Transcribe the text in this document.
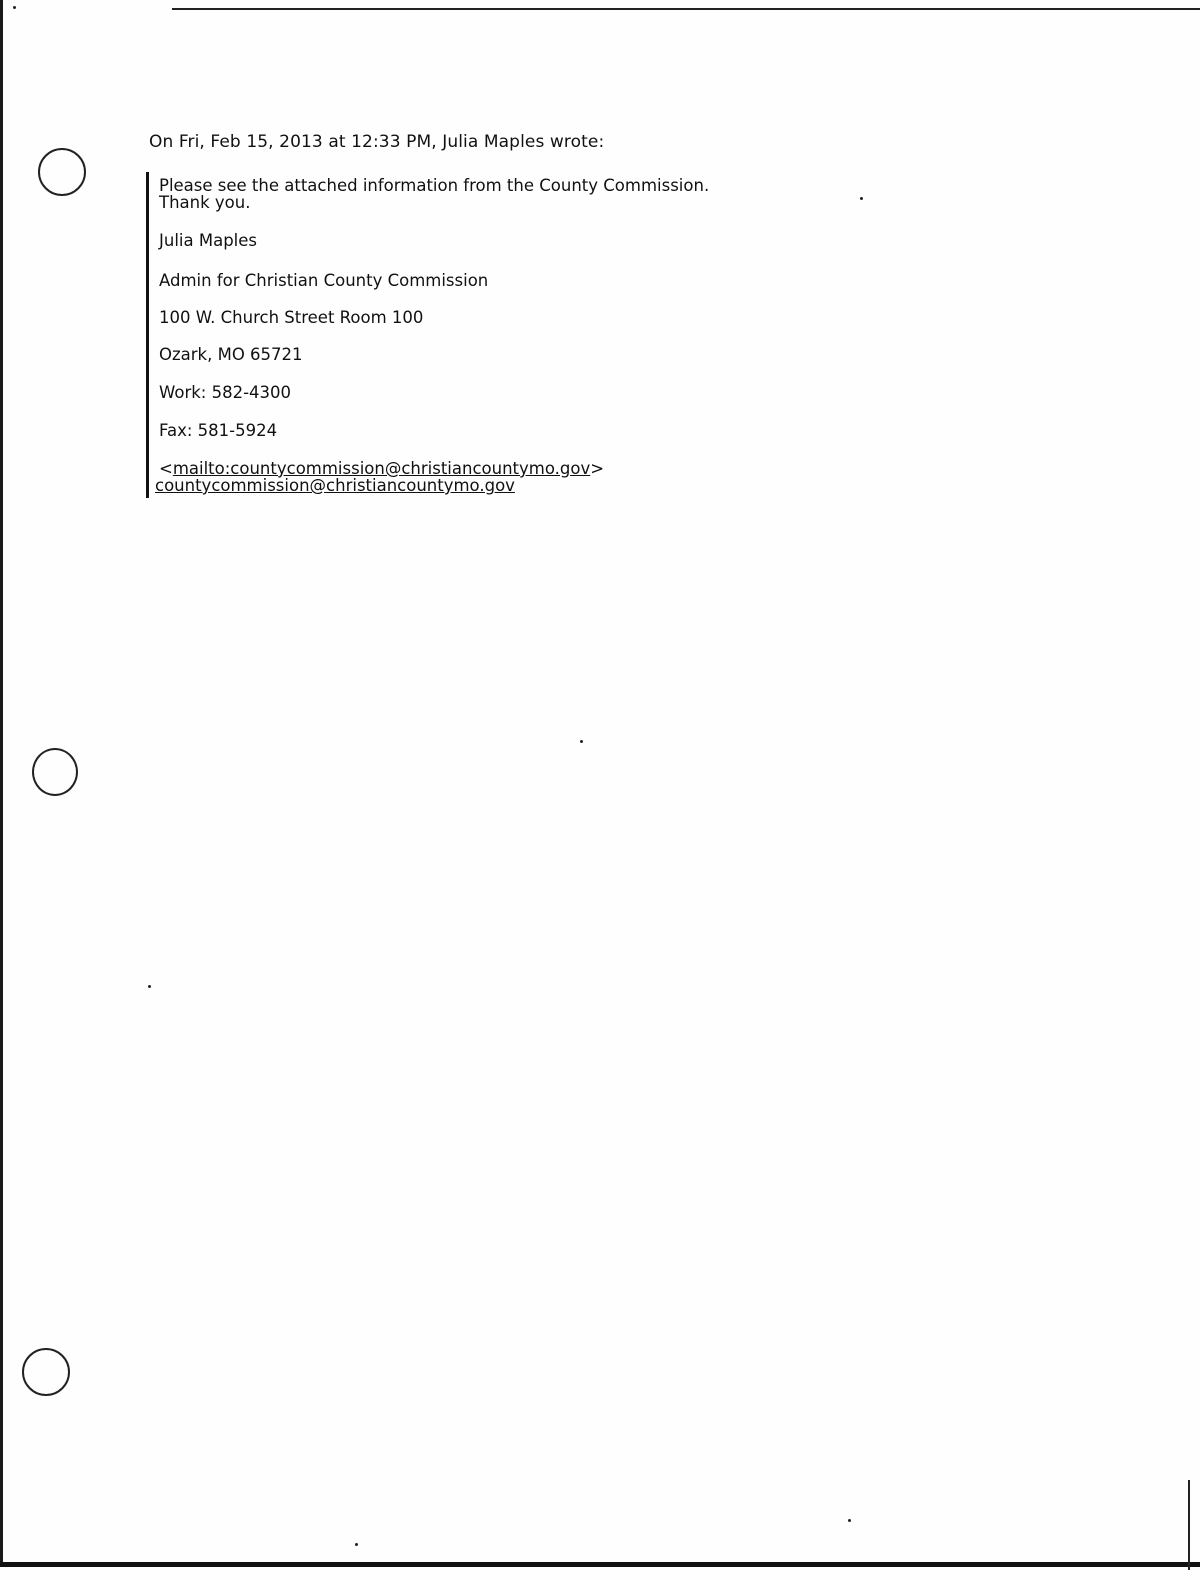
On Fri, Feb 15, 2013 at 12:33 PM, Julia Maples wrote:
Please see the attached information from the County Commission.
Thank you.
Julia Maples
Admin for Christian County Commission
100 W. Church Street Room 100
Ozark, MO 65721
Work: 582-4300
Fax: 581-5924
<mailto:countycommission@christiancountymo.gov>
countycommission@christiancountymo.gov
